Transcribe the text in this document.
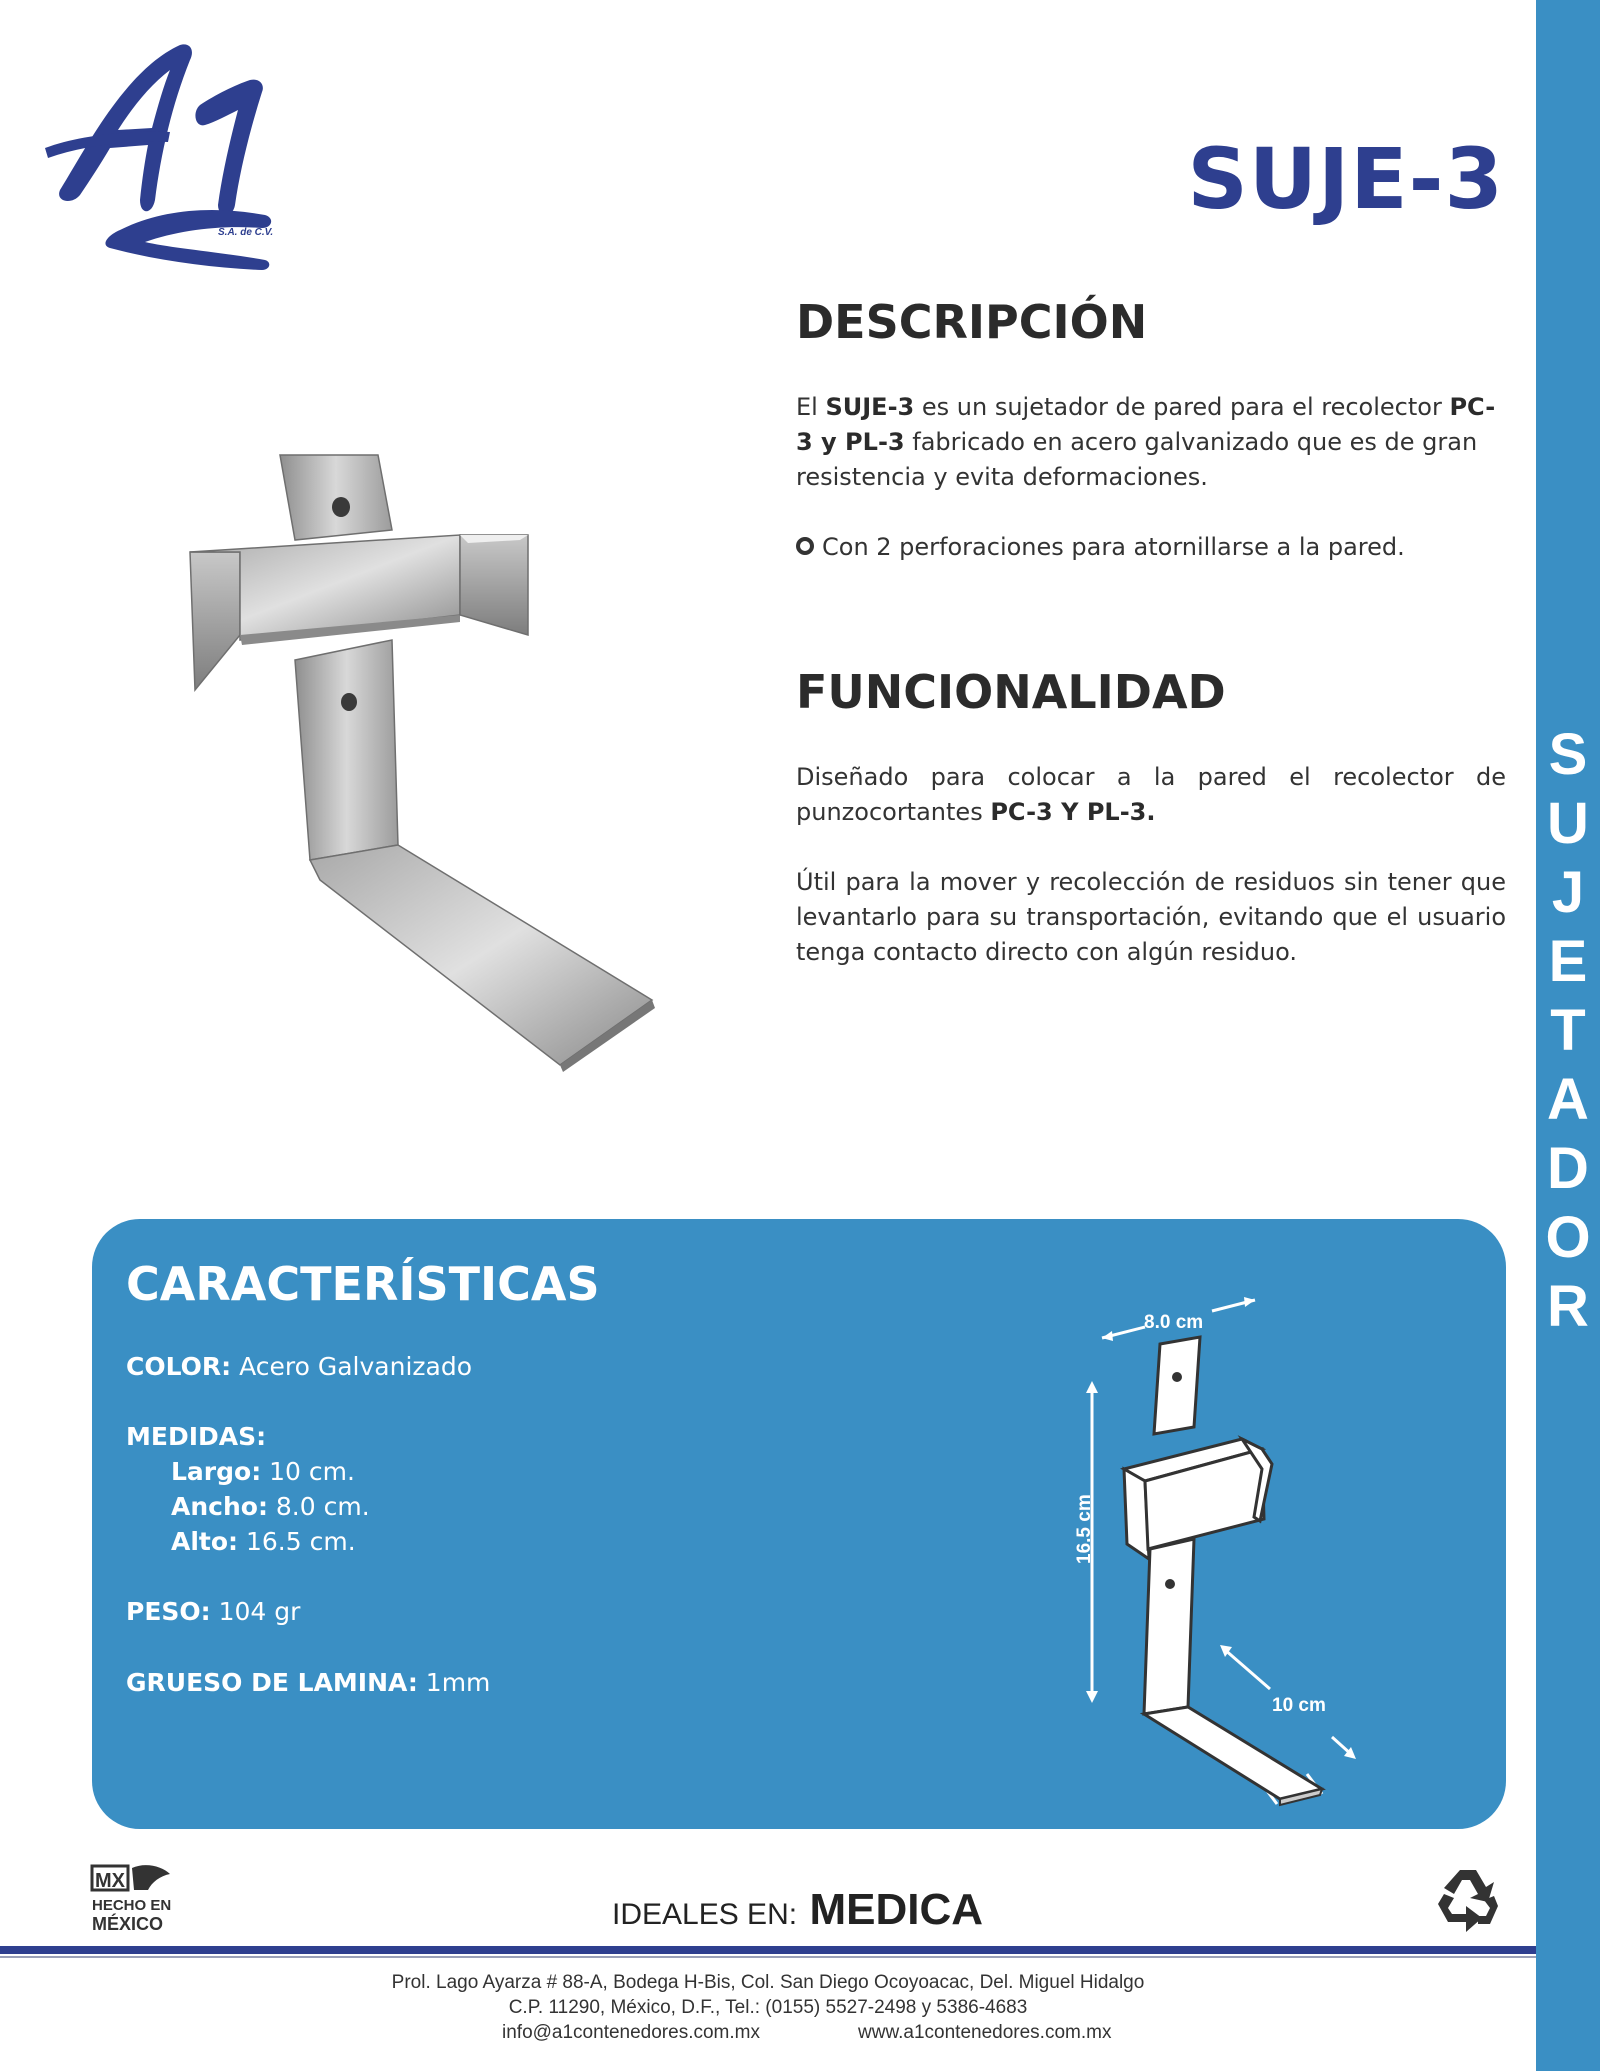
S
U
J
E
T
A
D
O
R
S.A. de C.V.
SUJE-3
DESCRIPCIÓN
El SUJE-3 es un sujetador de pared para el recolector PC-3 y PL-3 fabricado en acero galvanizado que es de gran resistencia y evita deformaciones.
Con 2 perforaciones para atornillarse a la pared.
FUNCIONALIDAD
Diseñado para colocar a la pared el recolector de punzocortantes PC-3 Y PL-3.
Útil para la mover y recolección de residuos sin tener que levantarlo para su transportación, evitando que el usuario tenga contacto directo con algún residuo.
CARACTERÍSTICAS
COLOR: Acero Galvanizado
MEDIDAS:
Largo: 10 cm.
Ancho: 8.0 cm.
Alto: 16.5 cm.
PESO: 104 gr
GRUESO DE LAMINA: 1mm
8.0 cm
16.5 cm
10 cm
3.0 cm
MX
HECHO EN
MÉXICO	IDEALES EN: MEDICA
Prol. Lago Ayarza # 88-A, Bodega H-Bis, Col. San Diego Ocoyoacac, Del. Miguel Hidalgo
C.P. 11290, México, D.F., Tel.: (0155) 5527-2498 y 5386-4683
info@a1contenedores.com.mx	www.a1contenedores.com.mx
